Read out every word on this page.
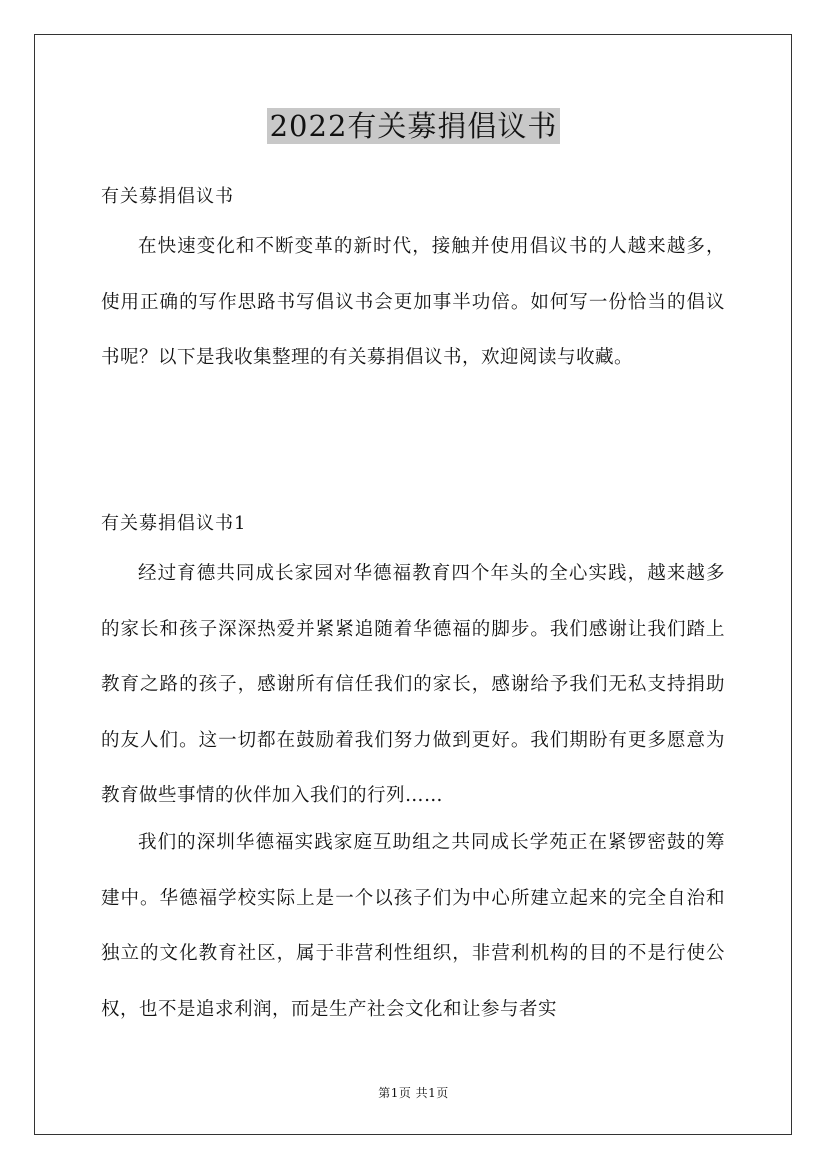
2022有关募捐倡议书
有关募捐倡议书

在快速变化和不断变革的新时代，接触并使用倡议书的人越来越多，使用正确的写作思路书写倡议书会更加事半功倍。如何写一份恰当的倡议书呢？以下是我收集整理的有关募捐倡议书，欢迎阅读与收藏。

有关募捐倡议书1

经过育德共同成长家园对华德福教育四个年头的全心实践，越来越多的家长和孩子深深热爱并紧紧追随着华德福的脚步。我们感谢让我们踏上教育之路的孩子，感谢所有信任我们的家长，感谢给予我们无私支持捐助的友人们。这一切都在鼓励着我们努力做到更好。我们期盼有更多愿意为教育做些事情的伙伴加入我们的行列……

我们的深圳华德福实践家庭互助组之共同成长学苑正在紧锣密鼓的筹建中。华德福学校实际上是一个以孩子们为中心所建立起来的完全自治和独立的文化教育社区，属于非营利性组织，非营利机构的目的不是行使公权，也不是追求利润，而是生产社会文化和让参与者实

第1页 共1页
